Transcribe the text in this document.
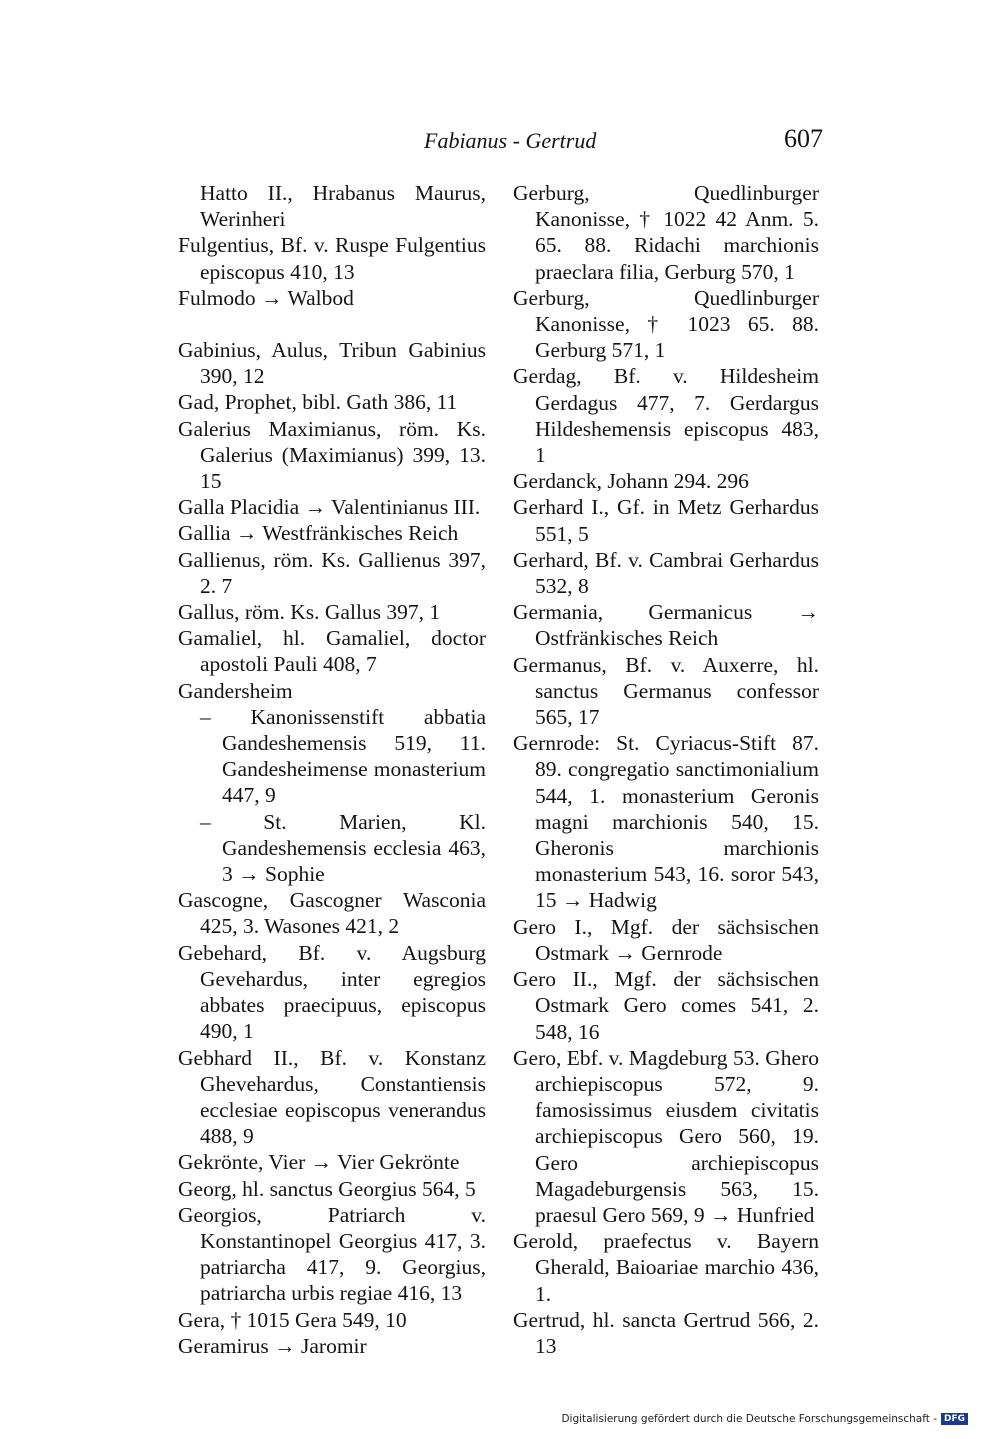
Fabianus - Gertrud	607

Hatto II., Hrabanus Maurus, Werinheri

Fulgentius, Bf. v. Ruspe Fulgentius episcopus 410, 13

Fulmodo → Walbod

Gabinius, Aulus, Tribun Gabinius 390, 12

Gad, Prophet, bibl. Gath 386, 11

Galerius Maximianus, röm. Ks. Galerius (Maximianus) 399, 13. 15

Galla Placidia → Valentinianus III.

Gallia → Westfränkisches Reich

Gallienus, röm. Ks. Gallienus 397, 2. 7

Gallus, röm. Ks. Gallus 397, 1

Gamaliel, hl. Gamaliel, doctor apostoli Pauli 408, 7

Gandersheim

– Kanonissenstift abbatia Gandeshemensis 519, 11. Gandesheimense monasterium 447, 9

– St. Marien, Kl. Gandeshemensis ecclesia 463, 3 → Sophie

Gascogne, Gascogner Wasconia 425, 3. Wasones 421, 2

Gebehard, Bf. v. Augsburg Gevehardus, inter egregios abbates praecipuus, episcopus 490, 1

Gebhard II., Bf. v. Konstanz Ghevehardus, Constantiensis ecclesiae eopiscopus venerandus 488, 9

Gekrönte, Vier → Vier Gekrönte

Georg, hl. sanctus Georgius 564, 5

Georgios, Patriarch v. Konstantinopel Georgius 417, 3. patriarcha 417, 9. Georgius, patriarcha urbis regiae 416, 13

Gera, † 1015 Gera 549, 10

Geramirus → Jaromir

Gerburg, Quedlinburger Kanonisse, † 1022 42 Anm. 5. 65. 88. Ridachi marchionis praeclara filia, Gerburg 570, 1

Gerburg, Quedlinburger Kanonisse, † 1023 65. 88. Gerburg 571, 1

Gerdag, Bf. v. Hildesheim Gerdagus 477, 7. Gerdargus Hildeshemensis episcopus 483, 1

Gerdanck, Johann 294. 296

Gerhard I., Gf. in Metz Gerhardus 551, 5

Gerhard, Bf. v. Cambrai Gerhardus 532, 8

Germania, Germanicus → Ostfränkisches Reich

Germanus, Bf. v. Auxerre, hl. sanctus Germanus confessor 565, 17

Gernrode: St. Cyriacus-Stift 87. 89. congregatio sanctimonialium 544, 1. monasterium Geronis magni marchionis 540, 15. Gheronis marchionis monasterium 543, 16. soror 543, 15 → Hadwig

Gero I., Mgf. der sächsischen Ostmark → Gernrode

Gero II., Mgf. der sächsischen Ostmark Gero comes 541, 2. 548, 16

Gero, Ebf. v. Magdeburg 53. Ghero archiepiscopus 572, 9. famosissimus eiusdem civitatis archiepiscopus Gero 560, 19. Gero archiepiscopus Magadeburgensis 563, 15. praesul Gero 569, 9 → Hunfried

Gerold, praefectus v. Bayern Gherald, Baioariae marchio 436, 1.

Gertrud, hl. sancta Gertrud 566, 2. 13

Digitalisierung gefördert durch die Deutsche Forschungsgemeinschaft - DFG
